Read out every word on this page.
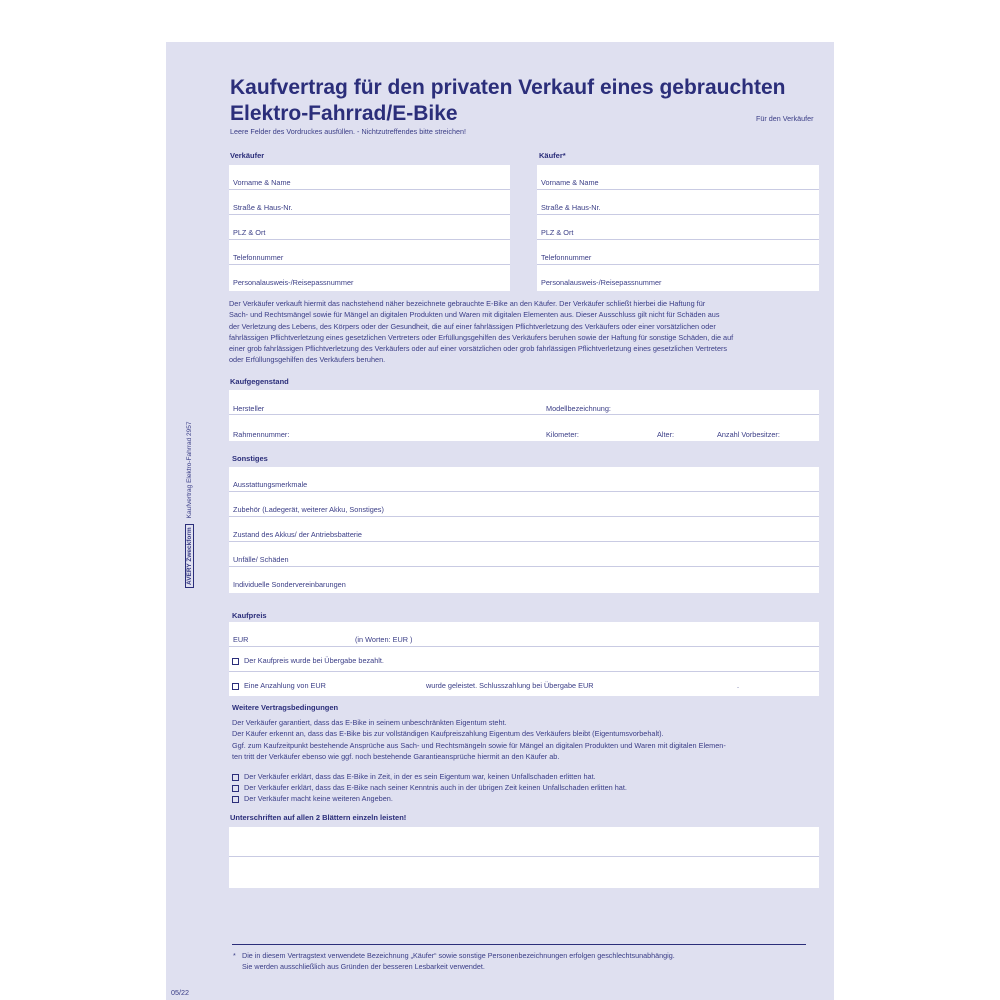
Kaufvertrag für den privaten Verkauf eines gebrauchten
Elektro-Fahrrad/E-Bike
Leere Felder des Vordruckes ausfüllen. - Nichtzutreffendes bitte streichen!
Für den Verkäufer
Verkäufer
Vorname & Name
Straße & Haus-Nr.
PLZ & Ort
Telefonnummer
Personalausweis-/Reisepassnummer
Käufer*
Vorname & Name
Straße & Haus-Nr.
PLZ & Ort
Telefonnummer
Personalausweis-/Reisepassnummer
Der Verkäufer verkauft hiermit das nachstehend näher bezeichnete gebrauchte E-Bike an den Käufer. Der Verkäufer schließt hierbei die Haftung für
Sach- und Rechtsmängel sowie für Mängel an digitalen Produkten und Waren mit digitalen Elementen aus. Dieser Ausschluss gilt nicht für Schäden aus
der Verletzung des Lebens, des Körpers oder der Gesundheit, die auf einer fahrlässigen Pflichtverletzung des Verkäufers oder einer vorsätzlichen oder
fahrlässigen Pflichtverletzung eines gesetzlichen Vertreters oder Erfüllungsgehilfen des Verkäufers beruhen sowie der Haftung für sonstige Schäden, die auf
einer grob fahrlässigen Pflichtverletzung des Verkäufers oder auf einer vorsätzlichen oder grob fahrlässigen Pflichtverletzung eines gesetzlichen Vertreters
oder Erfüllungsgehilfen des Verkäufers beruhen.
Kaufgegenstand
Hersteller	Modellbezeichnung:
Rahmennummer:	Kilometer:	Alter:	Anzahl Vorbesitzer:
Sonstiges
Ausstattungsmerkmale
Zubehör (Ladegerät, weiterer Akku, Sonstiges)
Zustand des Akkus/ der Antriebsbatterie
Unfälle/ Schäden
Individuelle Sondervereinbarungen
Kaufpreis
EUR	(in Worten: EUR )
Der Kaufpreis wurde bei Übergabe bezahlt.
Eine Anzahlung von EUR	wurde geleistet. Schlusszahlung bei Übergabe EUR	.
Weitere Vertragsbedingungen
Der Verkäufer garantiert, dass das E-Bike in seinem unbeschränkten Eigentum steht.
Der Käufer erkennt an, dass das E-Bike bis zur vollständigen Kaufpreiszahlung Eigentum des Verkäufers bleibt (Eigentumsvorbehalt).
Ggf. zum Kaufzeitpunkt bestehende Ansprüche aus Sach- und Rechtsmängeln sowie für Mängel an digitalen Produkten und Waren mit digitalen Elemen-
ten tritt der Verkäufer ebenso wie ggf. noch bestehende Garantieansprüche hiermit an den Käufer ab.
Der Verkäufer erklärt, dass das E-Bike in Zeit, in der es sein Eigentum war, keinen Unfallschaden erlitten hat.
Der Verkäufer erklärt, dass das E-Bike nach seiner Kenntnis auch in der übrigen Zeit keinen Unfallschaden erlitten hat.
Der Verkäufer macht keine weiteren Angeben.
Unterschriften auf allen 2 Blättern einzeln leisten!
* Die in diesem Vertragstext verwendete Bezeichnung „Käufer“ sowie sonstige Personenbezeichnungen erfolgen geschlechtsunabhängig.
Sie werden ausschließlich aus Gründen der besseren Lesbarkeit verwendet.
AVERY ZweckformKaufvertrag Elektro-Fahrrad 2957
05/22
